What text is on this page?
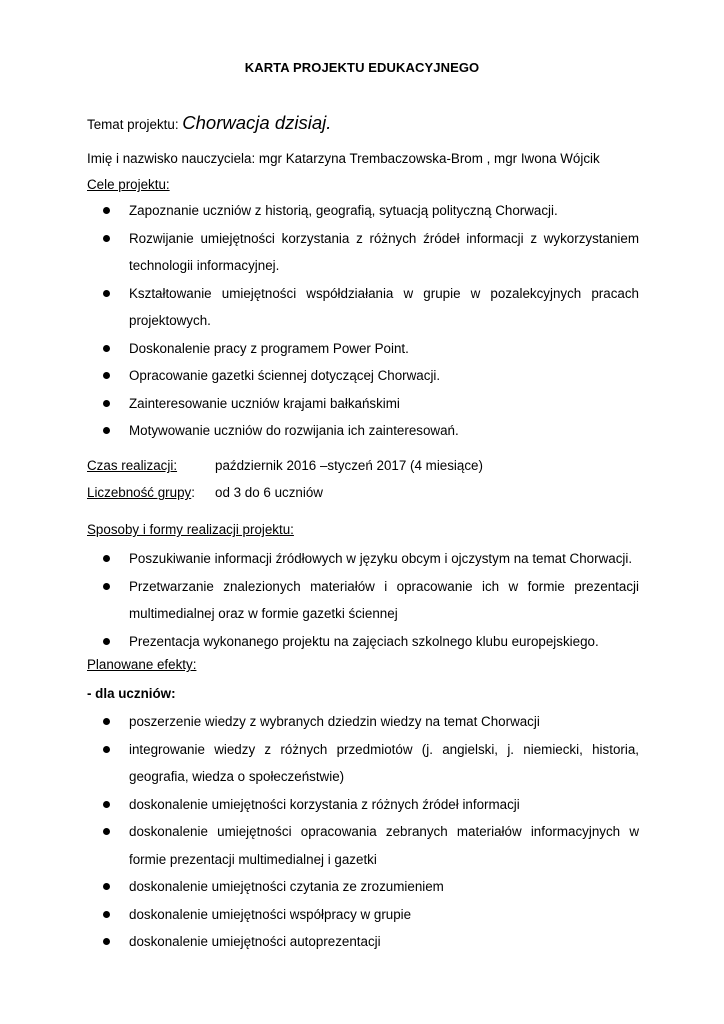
KARTA PROJEKTU EDUKACYJNEGO
Temat projektu: Chorwacja dzisiaj.
Imię i nazwisko nauczyciela: mgr Katarzyna Trembaczowska-Brom , mgr Iwona Wójcik
Cele projektu:
Zapoznanie uczniów z historią, geografią, sytuacją polityczną Chorwacji.
Rozwijanie umiejętności korzystania z różnych źródeł informacji z wykorzystaniem technologii informacyjnej.
Kształtowanie umiejętności współdziałania w grupie w pozalekcyjnych pracach projektowych.
Doskonalenie pracy z programem Power Point.
Opracowanie gazetki ściennej dotyczącej Chorwacji.
Zainteresowanie uczniów krajami bałkańskimi
Motywowanie uczniów do rozwijania ich zainteresowań.
Czas realizacji:	październik 2016 –styczeń 2017 (4 miesiące)
Liczebność grupy: od 3 do 6 uczniów
Sposoby i formy realizacji projektu:
Poszukiwanie informacji źródłowych w języku obcym i ojczystym na temat Chorwacji.
Przetwarzanie znalezionych materiałów i opracowanie ich w formie prezentacji multimedialnej oraz w formie gazetki ściennej
Prezentacja wykonanego projektu na zajęciach szkolnego klubu europejskiego.
Planowane efekty:
- dla uczniów:
poszerzenie wiedzy z wybranych dziedzin wiedzy na temat Chorwacji
integrowanie wiedzy z różnych przedmiotów (j. angielski, j. niemiecki, historia, geografia, wiedza o społeczeństwie)
doskonalenie umiejętności korzystania z różnych źródeł informacji
doskonalenie umiejętności opracowania zebranych materiałów informacyjnych w formie prezentacji multimedialnej i gazetki
doskonalenie umiejętności czytania ze zrozumieniem
doskonalenie umiejętności współpracy w grupie
doskonalenie umiejętności autoprezentacji
